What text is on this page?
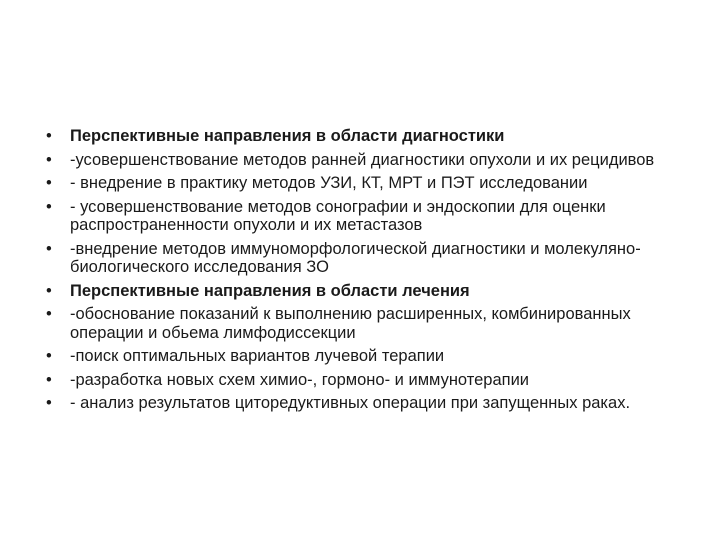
• Перспективные направления в области диагностики
• -усовершенствование методов ранней диагностики опухоли и их рецидивов
• - внедрение в практику методов УЗИ, КТ, МРТ и ПЭТ исследовании
• - усовершенствование методов сонографии и эндоскопии для оценки распространенности опухоли и их метастазов
• -внедрение методов иммуноморфологической диагностики и молекуляно-биологического исследования ЗО
• Перспективные направления в области лечения
• -обоснование показаний к выполнению расширенных, комбинированных операции и обьема лимфодиссекции
• -поиск оптимальных вариантов лучевой терапии
• -разработка новых схем химио-, гормоно- и иммунотерапии
• - анализ результатов циторедуктивных операции при запущенных раках.
